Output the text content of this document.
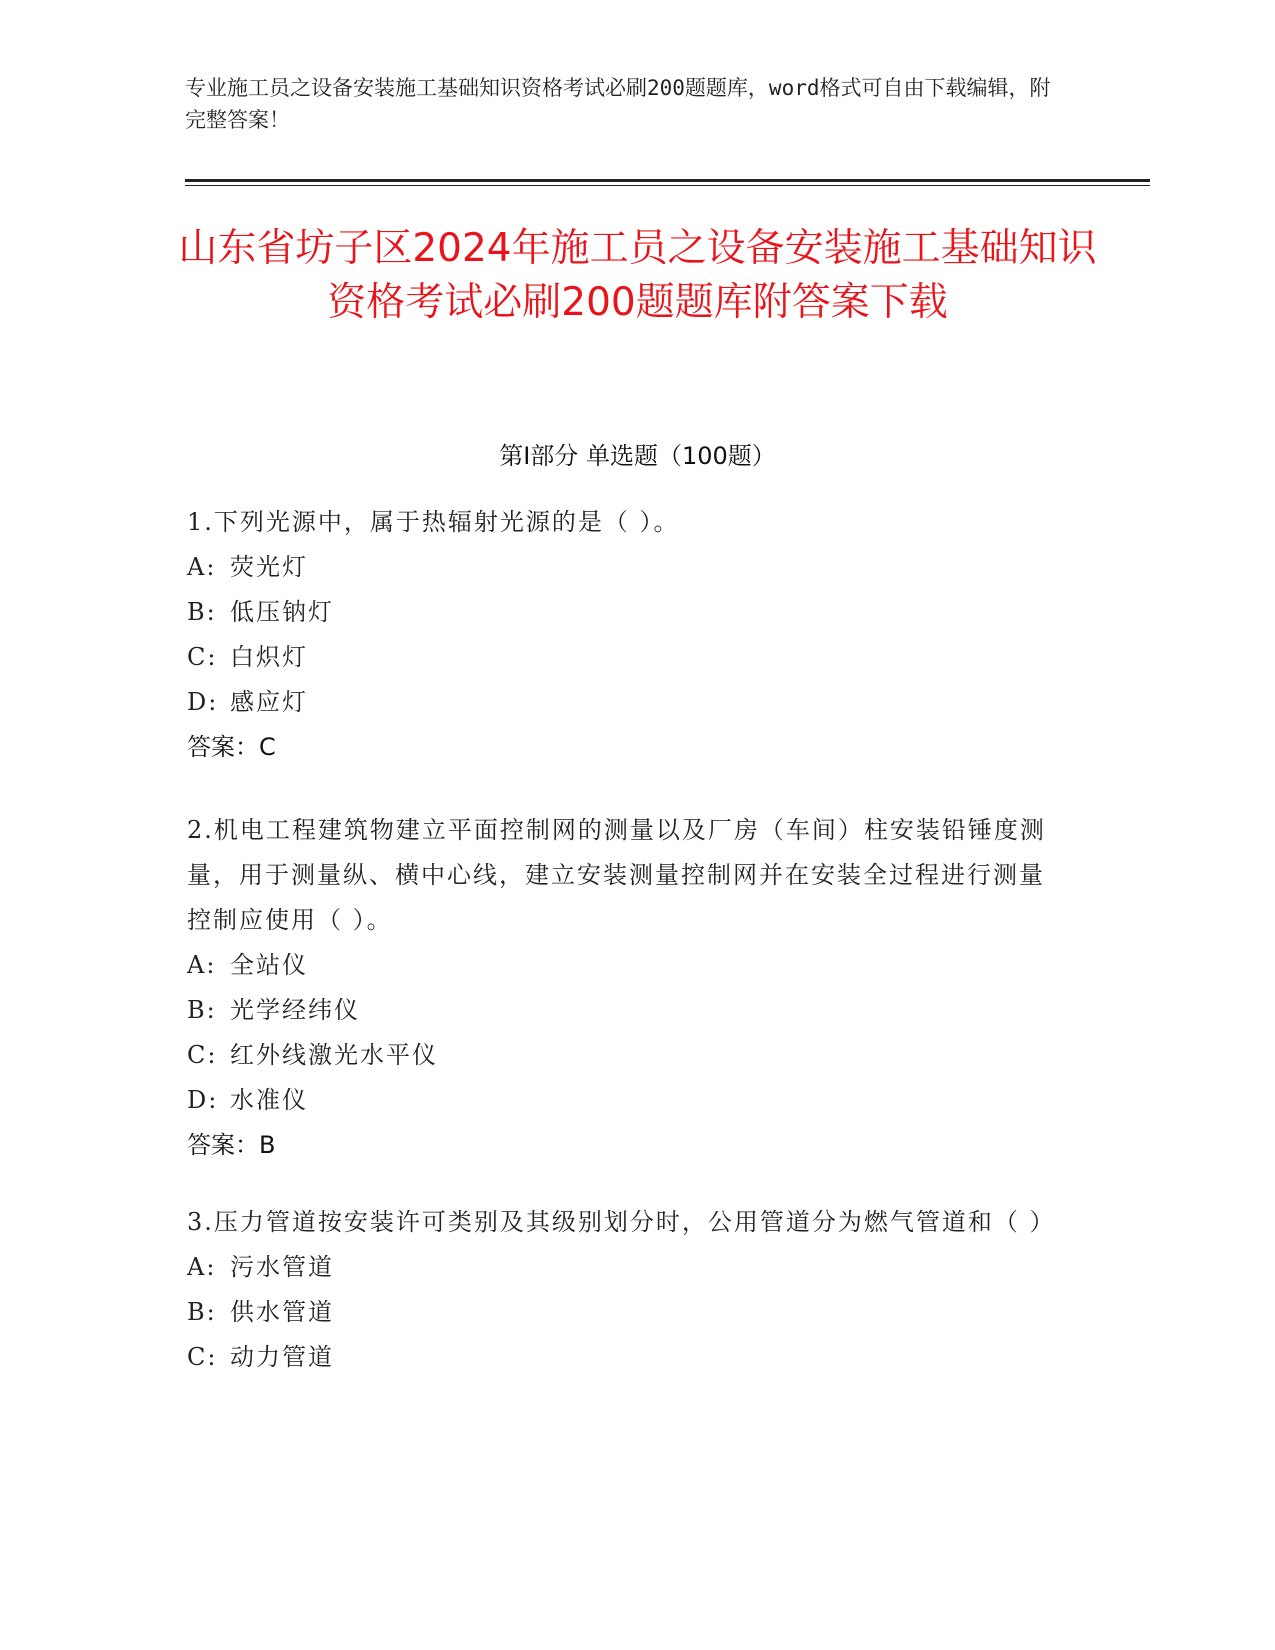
专业施工员之设备安装施工基础知识资格考试必刷200题题库，word格式可自由下载编辑，附完整答案！
山东省坊子区2024年施工员之设备安装施工基础知识资格考试必刷200题题库附答案下载
第Ⅰ部分 单选题（100题）
1.下列光源中，属于热辐射光源的是（ ）。
A: 荧光灯
B: 低压钠灯
C: 白炽灯
D: 感应灯
答案：C
2.机电工程建筑物建立平面控制网的测量以及厂房（车间）柱安装铅锤度测量，用于测量纵、横中心线，建立安装测量控制网并在安装全过程进行测量控制应使用（ ）。
A: 全站仪
B: 光学经纬仪
C: 红外线激光水平仪
D: 水准仪
答案：B
3.压力管道按安装许可类别及其级别划分时，公用管道分为燃气管道和（ ）
A: 污水管道
B: 供水管道
C: 动力管道
